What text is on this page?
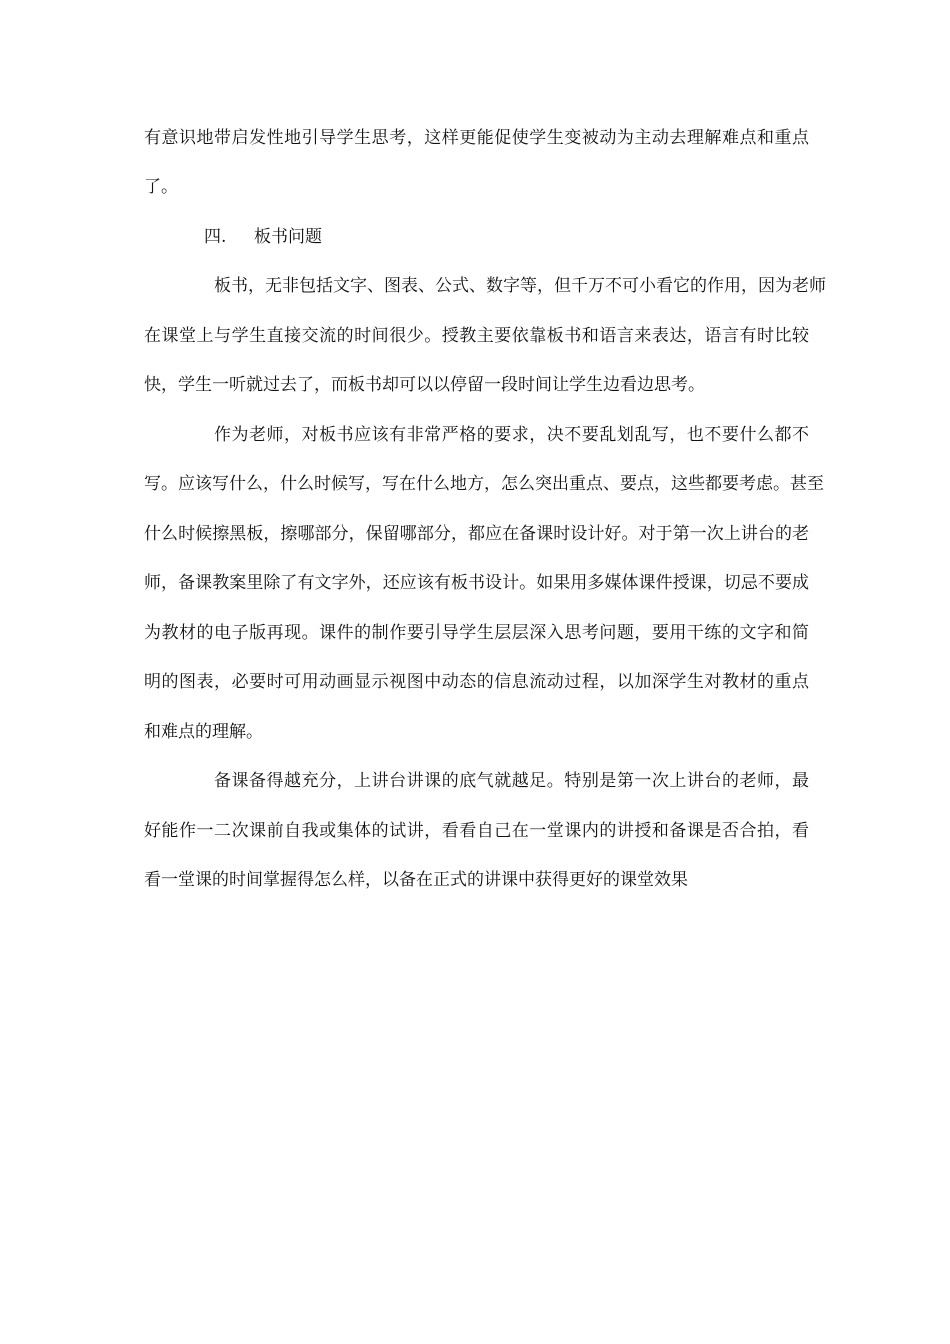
有意识地带启发性地引导学生思考，这样更能促使学生变被动为主动去理解难点和重点
了。
四. 板书问题
板书，无非包括文字、图表、公式、数字等，但千万不可小看它的作用，因为老师
在课堂上与学生直接交流的时间很少。授教主要依靠板书和语言来表达，语言有时比较
快，学生一听就过去了，而板书却可以以停留一段时间让学生边看边思考。
作为老师，对板书应该有非常严格的要求，决不要乱划乱写，也不要什么都不
写。应该写什么，什么时候写，写在什么地方，怎么突出重点、要点，这些都要考虑。甚至
什么时候擦黑板，擦哪部分，保留哪部分，都应在备课时设计好。对于第一次上讲台的老
师，备课教案里除了有文字外，还应该有板书设计。如果用多媒体课件授课，切忌不要成
为教材的电子版再现。课件的制作要引导学生层层深入思考问题，要用干练的文字和简
明的图表，必要时可用动画显示视图中动态的信息流动过程，以加深学生对教材的重点
和难点的理解。
备课备得越充分，上讲台讲课的底气就越足。特别是第一次上讲台的老师，最
好能作一二次课前自我或集体的试讲，看看自己在一堂课内的讲授和备课是否合拍，看
看一堂课的时间掌握得怎么样，以备在正式的讲课中获得更好的课堂效果
